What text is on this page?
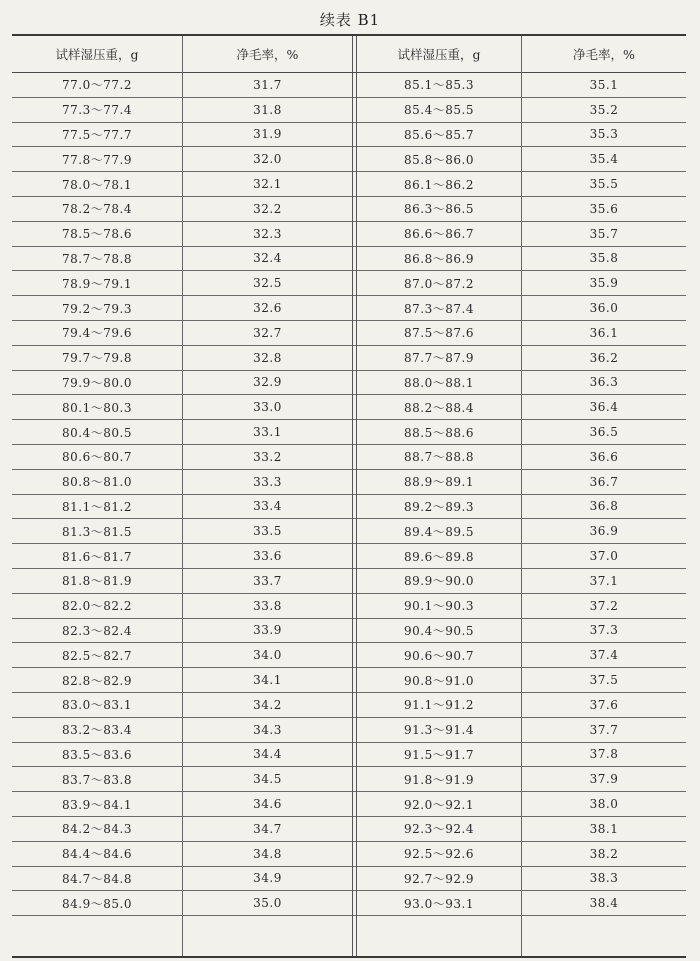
续表 B1
试样湿压重，g	净毛率，%		试样湿压重，g	净毛率，%
77.0～77.2	31.7		85.1～85.3	35.1
77.3～77.4	31.8		85.4～85.5	35.2
77.5～77.7	31.9		85.6～85.7	35.3
77.8～77.9	32.0		85.8～86.0	35.4
78.0～78.1	32.1		86.1～86.2	35.5
78.2～78.4	32.2		86.3～86.5	35.6
78.5～78.6	32.3		86.6～86.7	35.7
78.7～78.8	32.4		86.8～86.9	35.8
78.9～79.1	32.5		87.0～87.2	35.9
79.2～79.3	32.6		87.3～87.4	36.0
79.4～79.6	32.7		87.5～87.6	36.1
79.7～79.8	32.8		87.7～87.9	36.2
79.9～80.0	32.9		88.0～88.1	36.3
80.1～80.3	33.0		88.2～88.4	36.4
80.4～80.5	33.1		88.5～88.6	36.5
80.6～80.7	33.2		88.7～88.8	36.6
80.8～81.0	33.3		88.9～89.1	36.7
81.1～81.2	33.4		89.2～89.3	36.8
81.3～81.5	33.5		89.4～89.5	36.9
81.6～81.7	33.6		89.6～89.8	37.0
81.8～81.9	33.7		89.9～90.0	37.1
82.0～82.2	33.8		90.1～90.3	37.2
82.3～82.4	33.9		90.4～90.5	37.3
82.5～82.7	34.0		90.6～90.7	37.4
82.8～82.9	34.1		90.8～91.0	37.5
83.0～83.1	34.2		91.1～91.2	37.6
83.2～83.4	34.3		91.3～91.4	37.7
83.5～83.6	34.4		91.5～91.7	37.8
83.7～83.8	34.5		91.8～91.9	37.9
83.9～84.1	34.6		92.0～92.1	38.0
84.2～84.3	34.7		92.3～92.4	38.1
84.4～84.6	34.8		92.5～92.6	38.2
84.7～84.8	34.9		92.7～92.9	38.3
84.9～85.0	35.0		93.0～93.1	38.4
